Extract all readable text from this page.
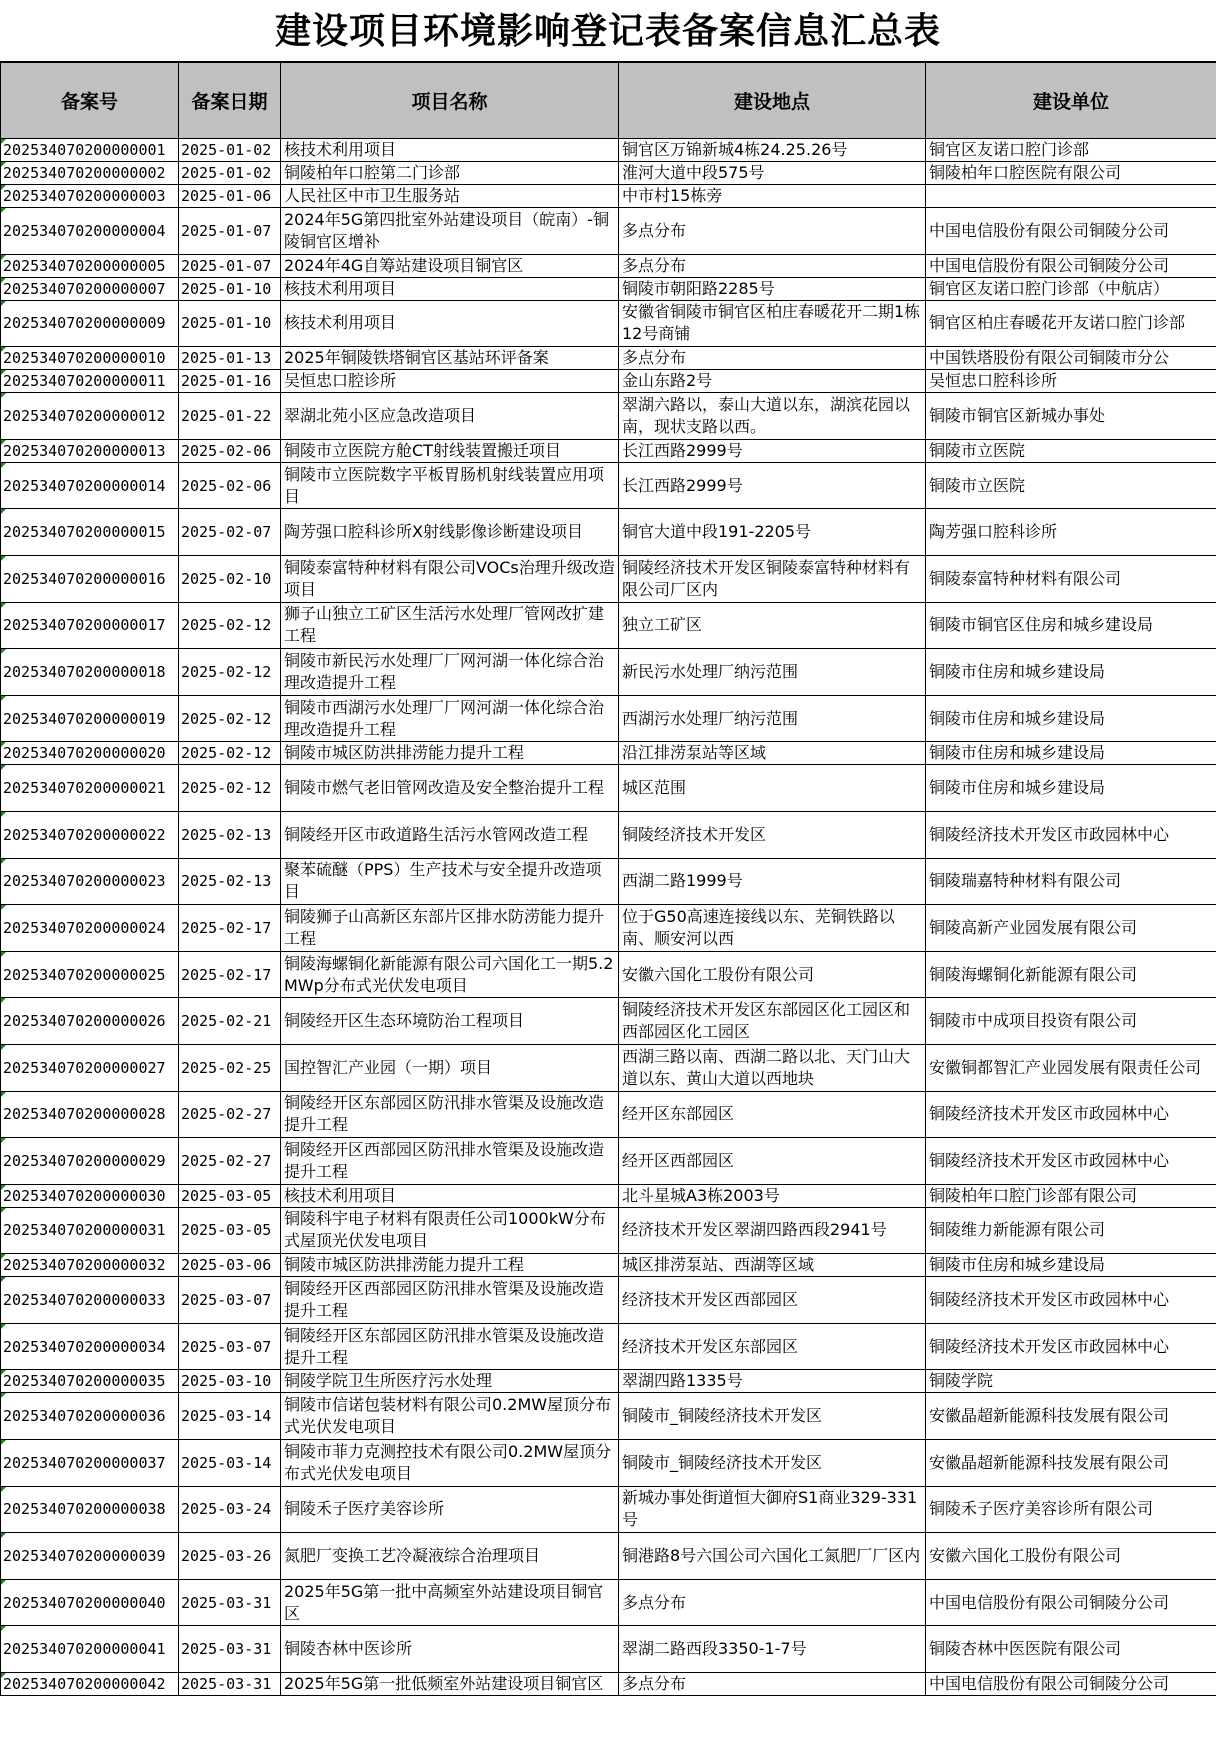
建设项目环境影响登记表备案信息汇总表
备案号	备案日期	项目名称	建设地点	建设单位
202534070200000001	2025-01-02	核技术利用项目	铜官区万锦新城4栋24.25.26号	铜官区友诺口腔门诊部
202534070200000002	2025-01-02	铜陵柏年口腔第二门诊部	淮河大道中段575号	铜陵柏年口腔医院有限公司
202534070200000003	2025-01-06	人民社区中市卫生服务站	中市村15栋旁	
202534070200000004	2025-01-07	2024年5G第四批室外站建设项目（皖南）-铜陵铜官区增补	多点分布	中国电信股份有限公司铜陵分公司
202534070200000005	2025-01-07	2024年4G自筹站建设项目铜官区	多点分布	中国电信股份有限公司铜陵分公司
202534070200000007	2025-01-10	核技术利用项目	铜陵市朝阳路2285号	铜官区友诺口腔门诊部（中航店）
202534070200000009	2025-01-10	核技术利用项目	安徽省铜陵市铜官区柏庄春暖花开二期1栋12号商铺	铜官区柏庄春暖花开友诺口腔门诊部
202534070200000010	2025-01-13	2025年铜陵铁塔铜官区基站环评备案	多点分布	中国铁塔股份有限公司铜陵市分公
202534070200000011	2025-01-16	吴恒忠口腔诊所	金山东路2号	吴恒忠口腔科诊所
202534070200000012	2025-01-22	翠湖北苑小区应急改造项目	翠湖六路以，泰山大道以东，湖滨花园以南，现状支路以西。	铜陵市铜官区新城办事处
202534070200000013	2025-02-06	铜陵市立医院方舱CT射线装置搬迁项目	长江西路2999号	铜陵市立医院
202534070200000014	2025-02-06	铜陵市立医院数字平板胃肠机射线装置应用项目	长江西路2999号	铜陵市立医院
202534070200000015	2025-02-07	陶芳强口腔科诊所X射线影像诊断建设项目	铜官大道中段191-2205号	陶芳强口腔科诊所
202534070200000016	2025-02-10	铜陵泰富特种材料有限公司VOCs治理升级改造项目	铜陵经济技术开发区铜陵泰富特种材料有限公司厂区内	铜陵泰富特种材料有限公司
202534070200000017	2025-02-12	狮子山独立工矿区生活污水处理厂管网改扩建工程	独立工矿区	铜陵市铜官区住房和城乡建设局
202534070200000018	2025-02-12	铜陵市新民污水处理厂厂网河湖一体化综合治理改造提升工程	新民污水处理厂纳污范围	铜陵市住房和城乡建设局
202534070200000019	2025-02-12	铜陵市西湖污水处理厂厂网河湖一体化综合治理改造提升工程	西湖污水处理厂纳污范围	铜陵市住房和城乡建设局
202534070200000020	2025-02-12	铜陵市城区防洪排涝能力提升工程	沿江排涝泵站等区域	铜陵市住房和城乡建设局
202534070200000021	2025-02-12	铜陵市燃气老旧管网改造及安全整治提升工程	城区范围	铜陵市住房和城乡建设局
202534070200000022	2025-02-13	铜陵经开区市政道路生活污水管网改造工程	铜陵经济技术开发区	铜陵经济技术开发区市政园林中心
202534070200000023	2025-02-13	聚苯硫醚（PPS）生产技术与安全提升改造项目	西湖二路1999号	铜陵瑞嘉特种材料有限公司
202534070200000024	2025-02-17	铜陵狮子山高新区东部片区排水防涝能力提升工程	位于G50高速连接线以东、芜铜铁路以南、顺安河以西	铜陵高新产业园发展有限公司
202534070200000025	2025-02-17	铜陵海螺铜化新能源有限公司六国化工一期5.2MWp分布式光伏发电项目	安徽六国化工股份有限公司	铜陵海螺铜化新能源有限公司
202534070200000026	2025-02-21	铜陵经开区生态环境防治工程项目	铜陵经济技术开发区东部园区化工园区和西部园区化工园区	铜陵市中成项目投资有限公司
202534070200000027	2025-02-25	国控智汇产业园（一期）项目	西湖三路以南、西湖二路以北、天门山大道以东、黄山大道以西地块	安徽铜都智汇产业园发展有限责任公司
202534070200000028	2025-02-27	铜陵经开区东部园区防汛排水管渠及设施改造提升工程	经开区东部园区	铜陵经济技术开发区市政园林中心
202534070200000029	2025-02-27	铜陵经开区西部园区防汛排水管渠及设施改造提升工程	经开区西部园区	铜陵经济技术开发区市政园林中心
202534070200000030	2025-03-05	核技术利用项目	北斗星城A3栋2003号	铜陵柏年口腔门诊部有限公司
202534070200000031	2025-03-05	铜陵科宇电子材料有限责任公司1000kW分布式屋顶光伏发电项目	经济技术开发区翠湖四路西段2941号	铜陵维力新能源有限公司
202534070200000032	2025-03-06	铜陵市城区防洪排涝能力提升工程	城区排涝泵站、西湖等区域	铜陵市住房和城乡建设局
202534070200000033	2025-03-07	铜陵经开区西部园区防汛排水管渠及设施改造提升工程	经济技术开发区西部园区	铜陵经济技术开发区市政园林中心
202534070200000034	2025-03-07	铜陵经开区东部园区防汛排水管渠及设施改造提升工程	经济技术开发区东部园区	铜陵经济技术开发区市政园林中心
202534070200000035	2025-03-10	铜陵学院卫生所医疗污水处理	翠湖四路1335号	铜陵学院
202534070200000036	2025-03-14	铜陵市信诺包装材料有限公司0.2MW屋顶分布式光伏发电项目	铜陵市_铜陵经济技术开发区	安徽晶超新能源科技发展有限公司
202534070200000037	2025-03-14	铜陵市菲力克测控技术有限公司0.2MW屋顶分布式光伏发电项目	铜陵市_铜陵经济技术开发区	安徽晶超新能源科技发展有限公司
202534070200000038	2025-03-24	铜陵禾子医疗美容诊所	新城办事处街道恒大御府S1商业329-331号	铜陵禾子医疗美容诊所有限公司
202534070200000039	2025-03-26	氮肥厂变换工艺冷凝液综合治理项目	铜港路8号六国公司六国化工氮肥厂厂区内	安徽六国化工股份有限公司
202534070200000040	2025-03-31	2025年5G第一批中高频室外站建设项目铜官区	多点分布	中国电信股份有限公司铜陵分公司
202534070200000041	2025-03-31	铜陵杏林中医诊所	翠湖二路西段3350-1-7号	铜陵杏林中医医院有限公司
202534070200000042	2025-03-31	2025年5G第一批低频室外站建设项目铜官区	多点分布	中国电信股份有限公司铜陵分公司
